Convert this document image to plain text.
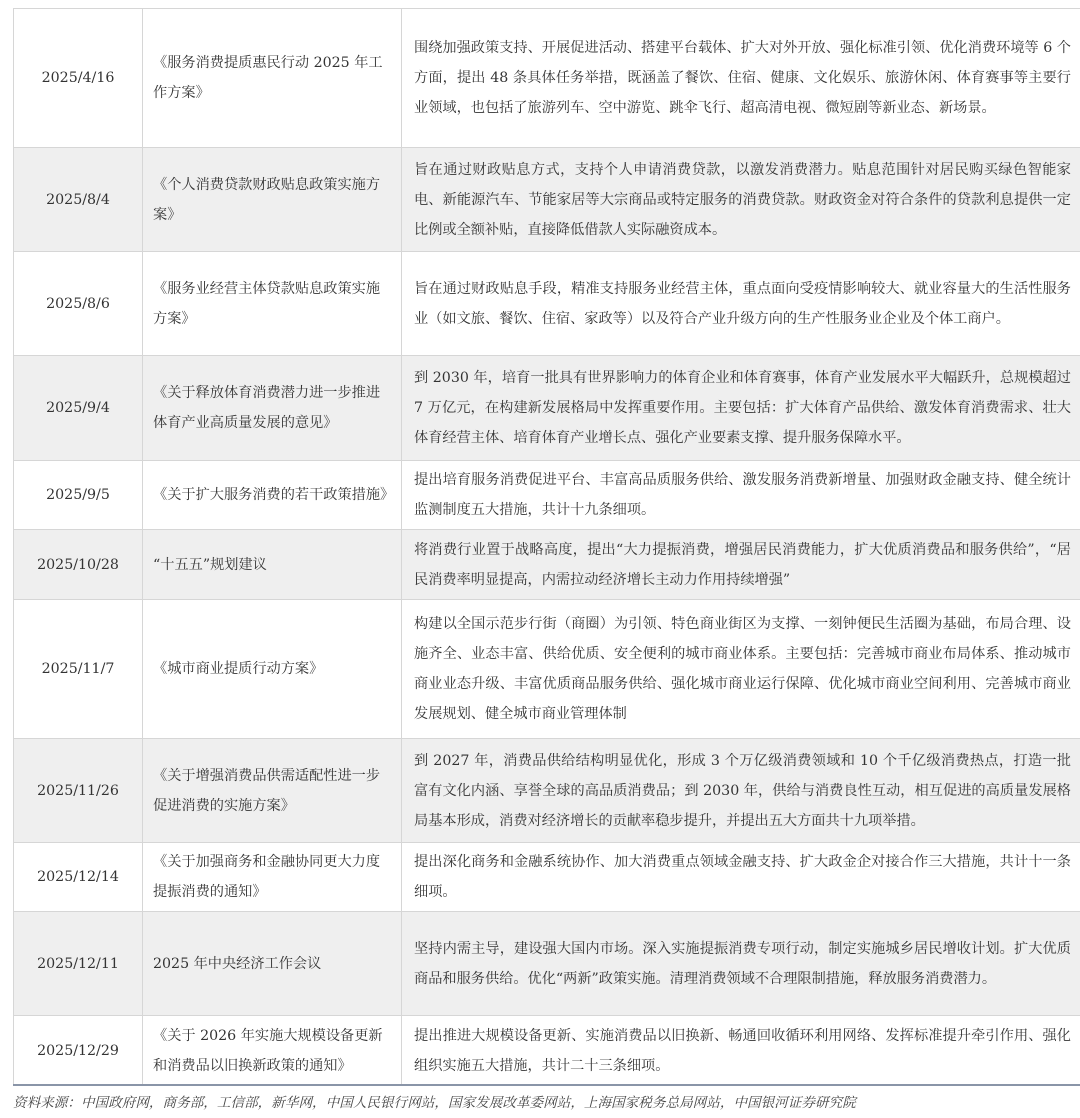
2025/4/16	《服务消费提质惠民行动 2025 年工作方案》	围绕加强政策支持、开展促进活动、搭建平台载体、扩大对外开放、强化标准引领、优化消费环境等 6 个方面，提出 48 条具体任务举措，既涵盖了餐饮、住宿、健康、文化娱乐、旅游休闲、体育赛事等主要行业领域，也包括了旅游列车、空中游览、跳伞飞行、超高清电视、微短剧等新业态、新场景。
2025/8/4	《个人消费贷款财政贴息政策实施方案》	旨在通过财政贴息方式，支持个人申请消费贷款，以激发消费潜力。贴息范围针对居民购买绿色智能家电、新能源汽车、节能家居等大宗商品或特定服务的消费贷款。财政资金对符合条件的贷款利息提供一定比例或全额补贴，直接降低借款人实际融资成本。
2025/8/6	《服务业经营主体贷款贴息政策实施方案》	旨在通过财政贴息手段，精准支持服务业经营主体，重点面向受疫情影响较大、就业容量大的生活性服务业（如文旅、餐饮、住宿、家政等）以及符合产业升级方向的生产性服务业企业及个体工商户。
2025/9/4	《关于释放体育消费潜力进一步推进体育产业高质量发展的意见》	到 2030 年，培育一批具有世界影响力的体育企业和体育赛事，体育产业发展水平大幅跃升，总规模超过 7 万亿元，在构建新发展格局中发挥重要作用。主要包括：扩大体育产品供给、激发体育消费需求、壮大体育经营主体、培育体育产业增长点、强化产业要素支撑、提升服务保障水平。
2025/9/5	《关于扩大服务消费的若干政策措施》	提出培育服务消费促进平台、丰富高品质服务供给、激发服务消费新增量、加强财政金融支持、健全统计监测制度五大措施，共计十九条细项。
2025/10/28	“十五五”规划建议	将消费行业置于战略高度，提出“大力提振消费，增强居民消费能力，扩大优质消费品和服务供给”，“居民消费率明显提高，内需拉动经济增长主动力作用持续增强”
2025/11/7	《城市商业提质行动方案》	构建以全国示范步行街（商圈）为引领、特色商业街区为支撑、一刻钟便民生活圈为基础，布局合理、设施齐全、业态丰富、供给优质、安全便利的城市商业体系。主要包括：完善城市商业布局体系、推动城市商业业态升级、丰富优质商品服务供给、强化城市商业运行保障、优化城市商业空间利用、完善城市商业发展规划、健全城市商业管理体制
2025/11/26	《关于增强消费品供需适配性进一步促进消费的实施方案》	到 2027 年，消费品供给结构明显优化，形成 3 个万亿级消费领域和 10 个千亿级消费热点，打造一批富有文化内涵、享誉全球的高品质消费品；到 2030 年，供给与消费良性互动，相互促进的高质量发展格局基本形成，消费对经济增长的贡献率稳步提升，并提出五大方面共十九项举措。
2025/12/14	《关于加强商务和金融协同更大力度提振消费的通知》	提出深化商务和金融系统协作、加大消费重点领域金融支持、扩大政金企对接合作三大措施，共计十一条细项。
2025/12/11	2025 年中央经济工作会议	坚持内需主导，建设强大国内市场。深入实施提振消费专项行动，制定实施城乡居民增收计划。扩大优质商品和服务供给。优化“两新”政策实施。清理消费领域不合理限制措施，释放服务消费潜力。
2025/12/29	《关于 2026 年实施大规模设备更新和消费品以旧换新政策的通知》	提出推进大规模设备更新、实施消费品以旧换新、畅通回收循环利用网络、发挥标准提升牵引作用、强化组织实施五大措施，共计二十三条细项。
资料来源：中国政府网，商务部，工信部，新华网，中国人民银行网站，国家发展改革委网站，上海国家税务总局网站，中国银河证券研究院
